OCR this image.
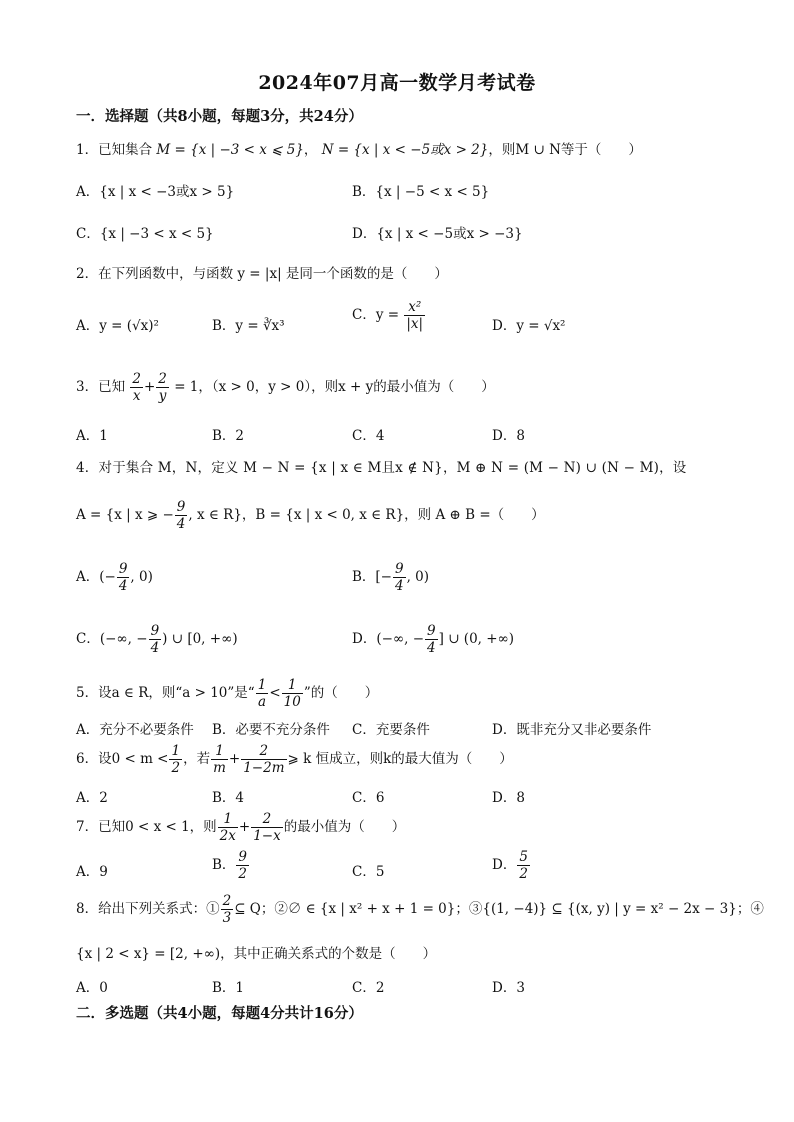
2024年07月高一数学月考试卷
一．选择题（共8小题，每题3分，共24分）
1．已知集合 M = {x | −3 < x ⩽ 5}， N = {x | x < −5或x > 2}，则M ∪ N等于（　　）
A．{x | x < −3或x > 5}	B．{x | −5 < x < 5}
C．{x | −3 < x < 5}	D．{x | x < −5或x > −3}
2．在下列函数中，与函数 y = |x| 是同一个函数的是（　　）
A．y = (√x)²	B．y = ∛x³
C．$y = \frac{\text{x²}}{|x|}$	D．y = √x²
3．已知 $\frac{2}{x} + \frac{2}{y} = 1$，（x > 0，y > 0），则x + y的最小值为（　　）
A．1	B．2	C．4	D．8
4．对于集合 M，N，定义 M − N = {x | x ∈ M且x ∉ N}，M ⊕ N = (M − N) ∪ (N − M)，设
A = {x | x ⩾ − $\frac{9}{4}$ , x ∈ R}，B = {x | x < 0, x ∈ R}，则 A ⊕ B =（　　）
A．(− $\frac{9}{4}$ , 0)	B．[− $\frac{9}{4}$ , 0)
C．(−∞, − $\frac{9}{4}$ ) ∪ [0, +∞)	D．(−∞, − $\frac{9}{4}$ ] ∪ (0, +∞)
5．设a ∈ R，则“a > 10”是“ $\frac{1}{a} < \frac{1}{10}$ ”的（　　）
A．充分不必要条件 B．必要不充分条件 C．充要条件	D．既非充分又非必要条件
6．设$0 < m < \frac{1}{2}$ ，若 $\frac{1}{m} + \frac{2}{1-2m}$ ⩾ k 恒成立，则k的最大值为（　　）
A．2	B．4	C．6	D．8
7．已知0 < x < 1，则 $\frac{1}{2x} + \frac{2}{1-x}$ 的最小值为（　　）
A．9	B． $\frac{9}{2}$	C．5	D． $\frac{5}{2}$
8．给出下列关系式：① $\frac{2}{3}$ ⊆ Q；②∅ ∈ {x | x² + x + 1 = 0}；③{(1, −4)} ⊆ {(x, y) | y = x² − 2x − 3}；④
{x | 2 < x} = [2, +∞)，其中正确关系式的个数是（　　）
A．0	B．1	C．2	D．3
二．多选题（共4小题，每题4分共计16分）
